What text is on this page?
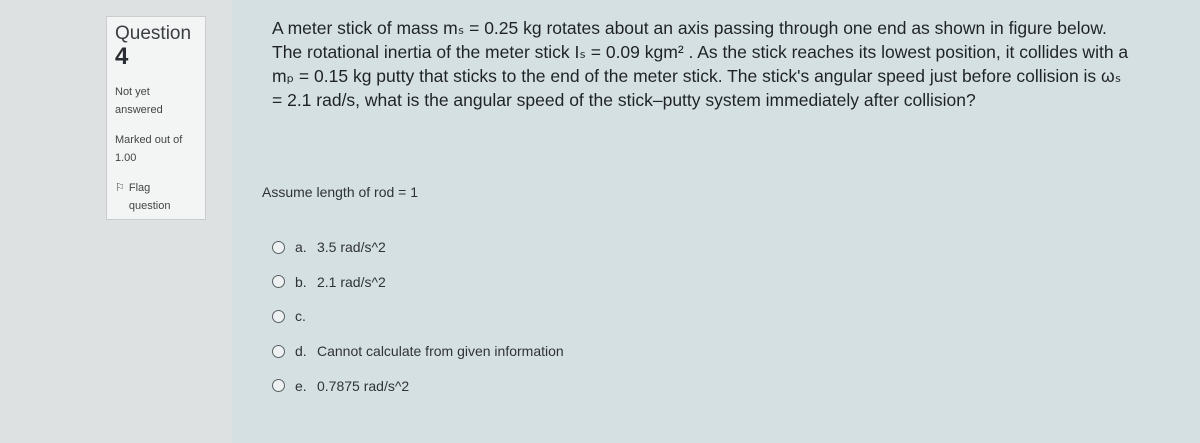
Question
4
Not yet
answered
Marked out of
1.00
⚐ Flag
question
A meter stick of mass mₛ = 0.25 kg rotates about an axis passing through one end as shown in figure below. The rotational inertia of the meter stick Iₛ = 0.09 kgm² . As the stick reaches its lowest position, it collides with a mₚ = 0.15 kg putty that sticks to the end of the meter stick. The stick's angular speed just before collision is ωₛ = 2.1 rad/s, what is the angular speed of the stick–putty system immediately after collision?
Assume length of rod = 1
a. 3.5 rad/s^2
b. 2.1 rad/s^2
c.
d. Cannot calculate from given information
e. 0.7875 rad/s^2
